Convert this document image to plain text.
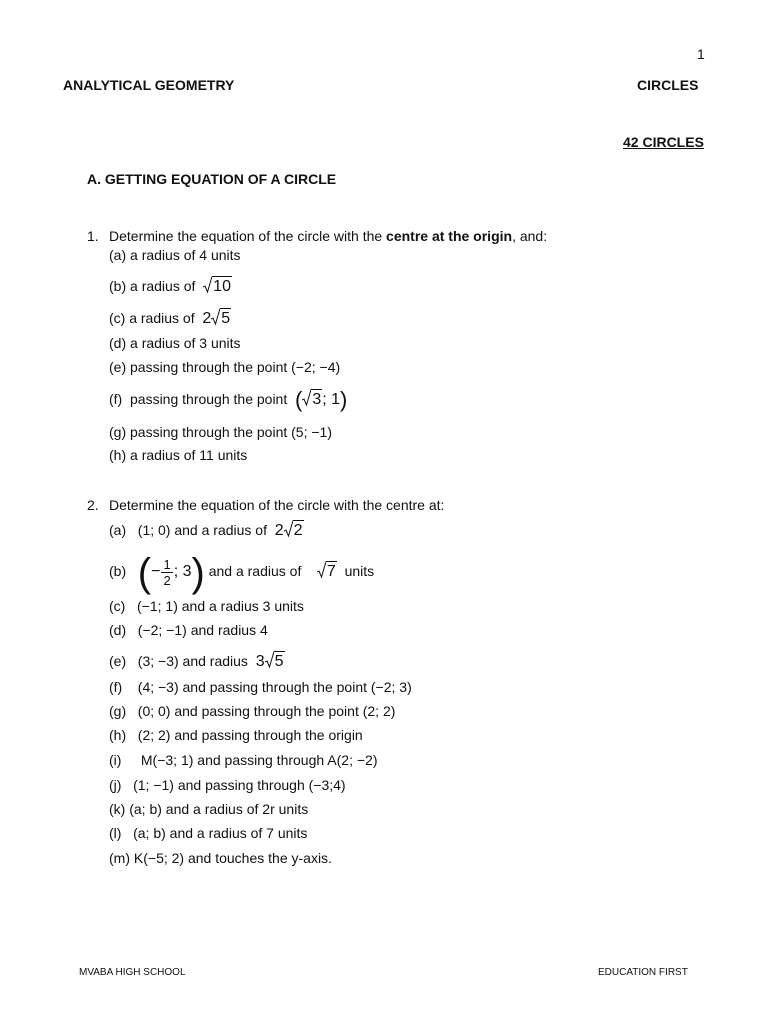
1
ANALYTICAL GEOMETRY	CIRCLES
42 CIRCLES
A. GETTING EQUATION OF A CIRCLE
1. Determine the equation of the circle with the centre at the origin, and:
(a) a radius of 4 units
(b) a radius of 10
(c) a radius of 2 5
(d) a radius of 3 units
(e) passing through the point (−2; −4)
(f) passing through the point ( 3; 1)
(g) passing through the point (5; −1)
(h) a radius of 11 units
2. Determine the equation of the circle with the centre at:
(a) (1; 0) and a radius of 2 2
(b) (− $\frac{1}{2}$ ; 3) and a radius of 7 units
(c) (−1; 1) and a radius 3 units
(d) (−2; −1) and radius 4
(e) (3; −3) and radius 3 5
(f) (4; −3) and passing through the point (−2; 3)
(g) (0; 0) and passing through the point (2; 2)
(h) (2; 2) and passing through the origin
(i) M(−3; 1) and passing through A(2; −2)
(j) (1; −1) and passing through (−3;4)
(k) (a; b) and a radius of 2r units
(l) (a; b) and a radius of 7 units
(m) K(−5; 2) and touches the y-axis.
MVABA HIGH SCHOOL	EDUCATION FIRST
